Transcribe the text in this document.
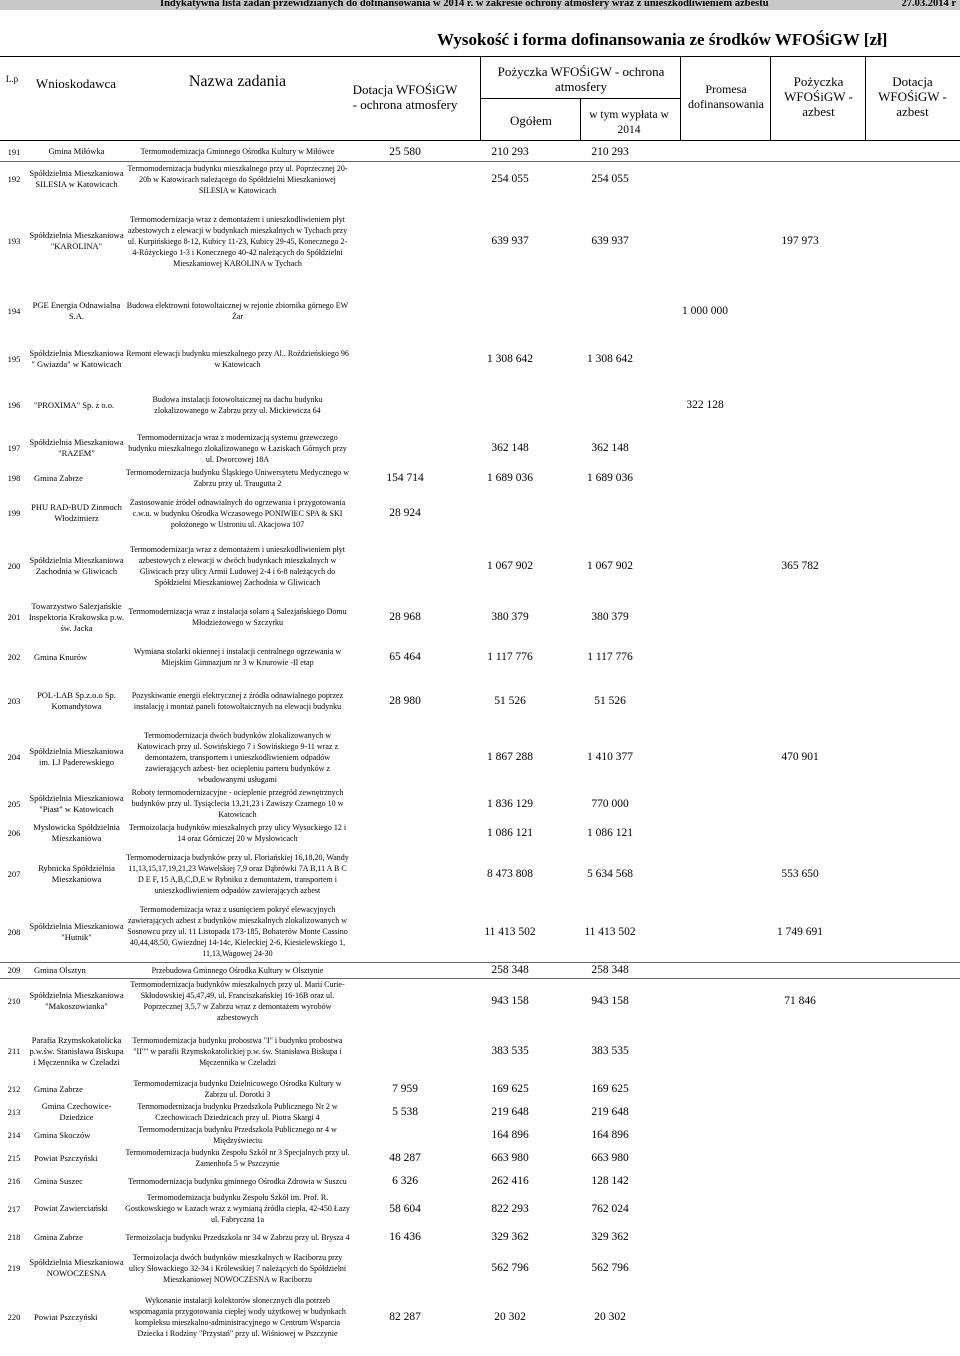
Indykatywna lista zadań przewidzianych do dofinansowania w 2014 r. w zakresie ochrony atmosfery wraz z unieszkodliwieniem azbestu	27.03.2014 r
Wysokość i forma dofinansowania ze środków WFOŚiGW [zł]
L.p	Wnioskodawca	Nazwa zadania	Dotacja WFOŚiGW - ochrona atmosfery
Pożyczka WFOŚiGW - ochrona atmosfery
Ogółem	w tym wypłata w 2014
Promesa dofinansowania
Pożyczka WFOŚiGW - azbest
Dotacja WFOŚiGW - azbest
191	Gmina Miłówka	Termomodernizacja Gminnego Ośrodka Kultury w Miłówce	25 580	210 293	210 293			
192	Spółdzielnia Mieszkaniowa SILESIA w Katowicach	Termomodernizacja budynku mieszkalnego przy ul. Poprzecznej 20-20b w Katowicach należącego do Spółdzielni Mieszkaniowej SILESIA w Katowicach		254 055	254 055			
193	Spółdzielnia Mieszkaniowa "KAROLINA"	Termomodernizacja wraz z demontażem i unieszkodliwieniem płyt azbestowych z elewacji w budynkach mieszkalnych w Tychach przy ul. Kurpińskiego 8-12, Kubicy 11-23, Kubicy 29-45, Konecznego 2-4-Różyckiego 1-3 i Konecznego 40-42 należących do Spółdzielni Mieszkaniowej KAROLINA w Tychach		639 937	639 937		197 973	
194	PGE Energia Odnawialna S.A.	Budowa elektrowni fotowoltaicznej w rejonie zbiornika górnego EW Żar				1 000 000		
195	Spółdzielnia Mieszkaniowa " Gwiazda" w Katowicach	Remont elewacji budynku mieszkalnego przy Al.. Roździeńskiego 96 w Katowicach		1 308 642	1 308 642			
196	"PROXIMA" Sp. z o.o.	Budowa instalacji fotowoltaicznej na dachu budynku zlokalizowanego w Zabrzu przy ul. Mickiewicza 64				322 128		
197	Spółdzielnia Mieszkaniowa "RAZEM"	Termomodernizacja wraz z modernizacją systemu grzewczego budynku mieszkalnego zlokalizowanego w Łaziskach Górnych przy ul. Dworcowej 18A		362 148	362 148			
198	Gmina Zabrze	Termomodernizacja budynku Śląskiego Uniwersytetu Medycznego w Zabrzu przy ul. Traugutta 2	154 714	1 689 036	1 689 036			
199	PHU RAD-BUD Zinmoch Włodzimierz	Zastosowanie źródeł odnawialnych do ogrzewania i przygotowania c.w.u. w budynku Ośrodka Wczasowego PONIWIEC SPA & SKI położonego w Ustroniu ul. Akacjowa 107	28 924					
200	Spółdzielnia Mieszkaniowa Zachodnia w Gliwicach	Termomodernizacja wraz z demontażem i unieszkodliwieniem płyt azbestowych z elewacji w dwóch budynkach mieszkalnych w Gliwicach przy ulicy Armii Ludowej 2-4 i 6-8 należących do Spółdzielni Mieszkaniowej Zachodnia w Gliwicach		1 067 902	1 067 902		365 782	
201	Towarzystwo Salezjańskie Inspektoria Krakowska p.w. św. Jacka	Termomodernizacja wraz z instalacja solarn ą Salezjańskiego Domu Młodzieżowego w Szczyrku	28 968	380 379	380 379			
202	Gmina Knurów	Wymiana stolarki okiennej i instalacji centralnego ogrzewania w Miejskim Gimnazjum nr 3 w Knurowie -II etap	65 464	1 117 776	1 117 776			
203	POL-LAB Sp.z.o.o Sp. Komandytowa	Pozyskiwanie energii elektrycznej z źródła odnawialnego poprzez instalację i montaż paneli fotowoltaicznych na elewacji budynku	28 980	51 526	51 526			
204	Spółdzielnia Mieszkaniowa im. I.J Paderewskiego	Termomodernizacja dwóch budynków zlokalizowanych w Katowicach przy ul. Sowińskiego 7 i Sowińskiego 9-11 wraz z demontażem, transportem i unieszkodliwieniem odpadów zawierających azbest- bez ociepleniu parteru budynków z wbudowanymi usługami		1 867 288	1 410 377		470 901	
205	Spółdzielnia Mieszkaniowa "Piast" w Katowicach	Roboty termomodernizacyjne - ocieplenie przegród zewnętrznych budynków przy ul. Tysiąclecia 13,21,23 i Zawiszy Czarnego 10 w Katowicach		1 836 129	770 000			
206	Mysłowicka Spółdzielnia Mieszkaniowa	Termoizolacja budynków mieszkalnych przy ulicy Wysockiego 12 i 14 oraz Górniczej 20 w Mysłowicach		1 086 121	1 086 121			
207	Rybnicka Spółdzielnia Mieszkaniowa	Termomodernizacja budynków przy ul. Floriańskiej 16,18,20, Wandy 11,13,15,17,19,21,23 Wawelskiej 7,9 oraz Dąbrówki 7A B,11 A B C D E F, 15 A,B,C,D,E w Rybniku z demontażem, transportem i unieszkodliwieniem odpadów zawierających azbest		8 473 808	5 634 568		553 650	
208	Spółdzielnia Mieszkaniowa "Hutnik"	Termomodernizacja wraz z usunięciem pokryć elewacyjnych zawierających azbest z budynków mieszkalnych zlokalizowanych w Sosnowcu przy ul. 11 Listopada 173-185, Bohaterów Monte Cassino 40,44,48,50, Gwiezdnej 14-14c, Kieleckiej 2-6, Kiesielewskiego 1, 11,13,Wagowej 24-30		11 413 502	11 413 502		1 749 691	
209	Gmina Olsztyn	Przebudowa Gminnego Ośrodka Kultury w Olsztynie		258 348	258 348			
210	Spółdzielnia Mieszkaniowa "Makoszowianka"	Termomodernizacja budynków mieszkalnych przy ul. Marii Curie-Skłodowskiej 45,47,49, ul. Franciszkańskiej 16-16B oraz ul. Poprzecznej 3,5,7 w Zabrzu wraz z demontażem wyrobów azbestowych		943 158	943 158		71 846	
211	Parafia Rzymskokatolicka p.w.św. Stanisława Biskupa i Męczennika w Czeladzi	Termomodernizacja budynku probostwa "I" i budynku probostwa "II"" w parafii Rzymskokatolickiej p.w. św. Stanisława Biskupa i Męczennika w Czeladzi		383 535	383 535			
212	Gmina Zabrze	Termomodernizacja budynku Dzielnicowego Ośrodka Kultury w Zabrzu ul. Dorotki 3	7 959	169 625	169 625			
213	Gmina Czechowice-Dziedzice	Termomodernizacja budynku Przedszkola Publicznego Nr 2 w Czechowicach Dziedzicach przy ul. Piotra Skargi 4	5 538	219 648	219 648			
214	Gmina Skoczów	Termomodernizacja budynku Przedszkola Publicznego nr 4 w Międzyświeciu		164 896	164 896			
215	Powiat Pszczyński	Termomodernizacja budynku Zespołu Szkół nr 3 Specjalnych przy ul. Zamenhofa 5 w Pszczynie	48 287	663 980	663 980			
216	Gmina Suszec	Termomodernizacja budynku gminnego Ośrodka Zdrowia w Suszcu	6 326	262 416	128 142			
217	Powiat Zawierciański	Termomodernizacja budynku Zespołu Szkół im. Prof. R. Gostkowskiego w Łazach wraz z wymianą źródła ciepła, 42-450 Łazy ul. Fabryczna 1a	58 604	822 293	762 024			
218	Gmina Zabrze	Termoizolacja budynku Przedszkola nr 34 w Zabrzu przy ul. Brysza 4	16 436	329 362	329 362			
219	Spółdzielnia Mieszkaniowa NOWOCZESNA	Termoizolacja dwóch budynków mieszkalnych w Raciborzu przy ulicy Słowackiego 32-34 i Królewskiej 7 należących do Spółdzielni Mieszkaniowej NOWOCZESNA w Raciborzu		562 796	562 796			
220	Powiat Pszczyński	Wykonanie instalacji kolektorów słonecznych dla potrzeb wspomagania przygotowania ciepłej wody użytkowej w budynkach kompleksu mieszkalno-administracyjnego w Centrum Wsparcia Dziecka i Rodziny "Przystań" przy ul. Wiśniowej w Pszczynie	82 287	20 302	20 302			
